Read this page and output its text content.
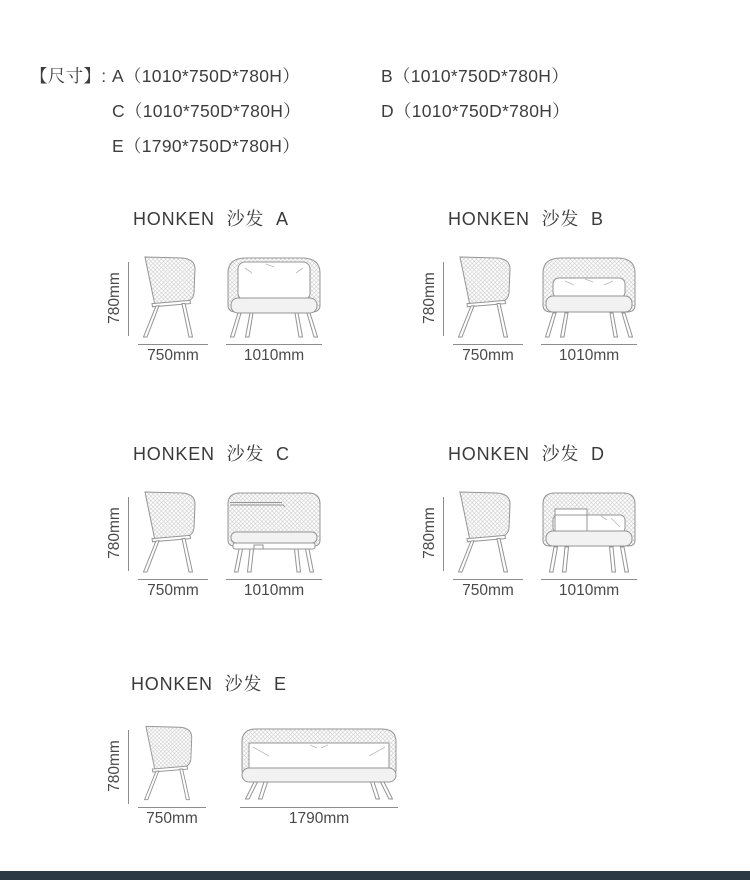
【尺寸】: A（1010*750D*780H）	B（1010*750D*780H）
C（1010*750D*780H）	D（1010*750D*780H）
E（1790*750D*780H）
HONKEN 沙发 A
780mm
750mm	1010mm
HONKEN 沙发 B
780mm
750mm	1010mm
HONKEN 沙发 C
780mm
750mm	1010mm
HONKEN 沙发 D
780mm
750mm	1010mm
HONKEN 沙发 E
780mm
750mm	1790mm
